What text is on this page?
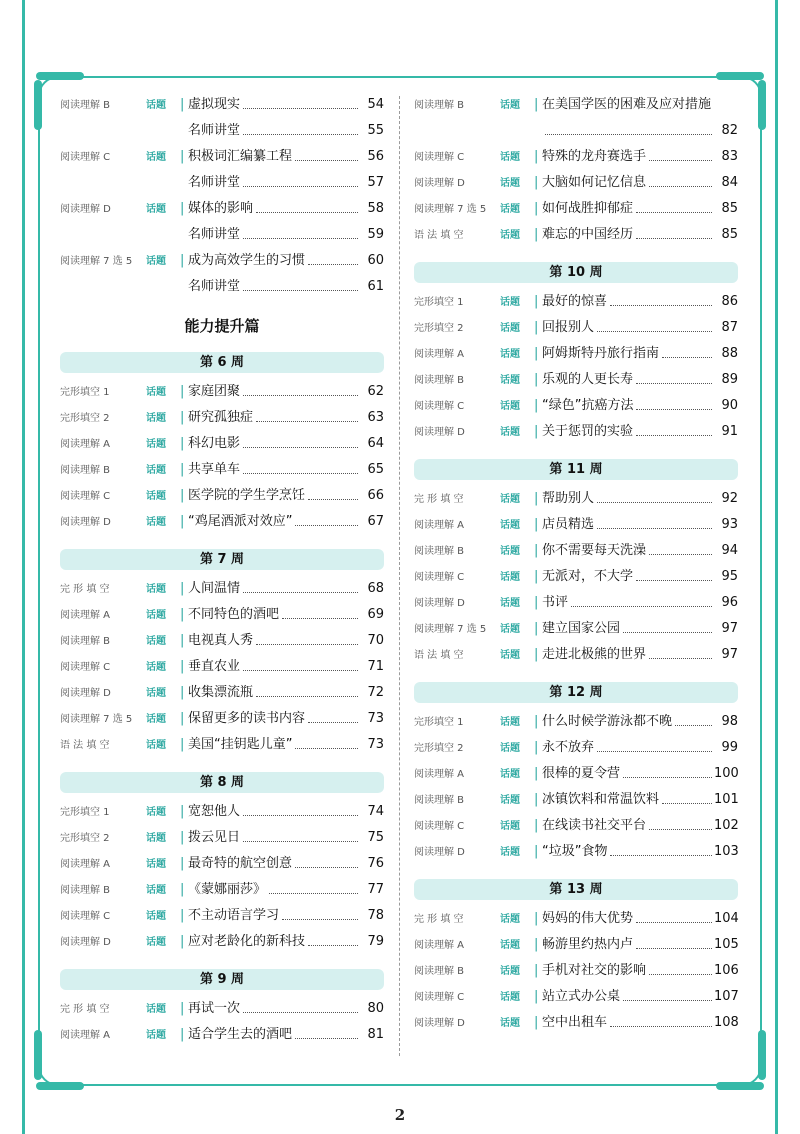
阅读理解 B	话题	| 虚拟现实	54
名师讲堂	55
阅读理解 C	话题	| 积极词汇编纂工程	56
名师讲堂	57
阅读理解 D	话题	| 媒体的影响	58
名师讲堂	59
阅读理解 7 选 5	话题	| 成为高效学生的习惯	60
名师讲堂	61
能力提升篇
第 6 周
完形填空 1	话题	| 家庭团聚	62
完形填空 2	话题	| 研究孤独症	63
阅读理解 A	话题	| 科幻电影	64
阅读理解 B	话题	| 共享单车	65
阅读理解 C	话题	| 医学院的学生学烹饪	66
阅读理解 D	话题	| “鸡尾酒派对效应”	67
第 7 周
完 形 填 空	话题	| 人间温情	68
阅读理解 A	话题	| 不同特色的酒吧	69
阅读理解 B	话题	| 电视真人秀	70
阅读理解 C	话题	| 垂直农业	71
阅读理解 D	话题	| 收集漂流瓶	72
阅读理解 7 选 5	话题	| 保留更多的读书内容	73
语 法 填 空	话题	| 美国“挂钥匙儿童”	73
第 8 周
完形填空 1	话题	| 宽恕他人	74
完形填空 2	话题	| 拨云见日	75
阅读理解 A	话题	| 最奇特的航空创意	76
阅读理解 B	话题	| 《蒙娜丽莎》	77
阅读理解 C	话题	| 不主动语言学习	78
阅读理解 D	话题	| 应对老龄化的新科技	79
第 9 周
完 形 填 空	话题	| 再试一次	80
阅读理解 A	话题	| 适合学生去的酒吧	81
阅读理解 B	话题	| 在美国学医的困难及应对措施
82
阅读理解 C	话题	| 特殊的龙舟赛选手	83
阅读理解 D	话题	| 大脑如何记忆信息	84
阅读理解 7 选 5	话题	| 如何战胜抑郁症	85
语 法 填 空	话题	| 难忘的中国经历	85
第 10 周
完形填空 1	话题	| 最好的惊喜	86
完形填空 2	话题	| 回报别人	87
阅读理解 A	话题	| 阿姆斯特丹旅行指南	88
阅读理解 B	话题	| 乐观的人更长寿	89
阅读理解 C	话题	| “绿色”抗癌方法	90
阅读理解 D	话题	| 关于惩罚的实验	91
第 11 周
完 形 填 空	话题	| 帮助别人	92
阅读理解 A	话题	| 店员精选	93
阅读理解 B	话题	| 你不需要每天洗澡	94
阅读理解 C	话题	| 无派对，不大学	95
阅读理解 D	话题	| 书评	96
阅读理解 7 选 5	话题	| 建立国家公园	97
语 法 填 空	话题	| 走进北极熊的世界	97
第 12 周
完形填空 1	话题	| 什么时候学游泳都不晚	98
完形填空 2	话题	| 永不放弃	99
阅读理解 A	话题	| 很棒的夏令营	100
阅读理解 B	话题	| 冰镇饮料和常温饮料	101
阅读理解 C	话题	| 在线读书社交平台	102
阅读理解 D	话题	| “垃圾”食物	103
第 13 周
完 形 填 空	话题	| 妈妈的伟大优势	104
阅读理解 A	话题	| 畅游里约热内卢	105
阅读理解 B	话题	| 手机对社交的影响	106
阅读理解 C	话题	| 站立式办公桌	107
阅读理解 D	话题	| 空中出租车	108
2
